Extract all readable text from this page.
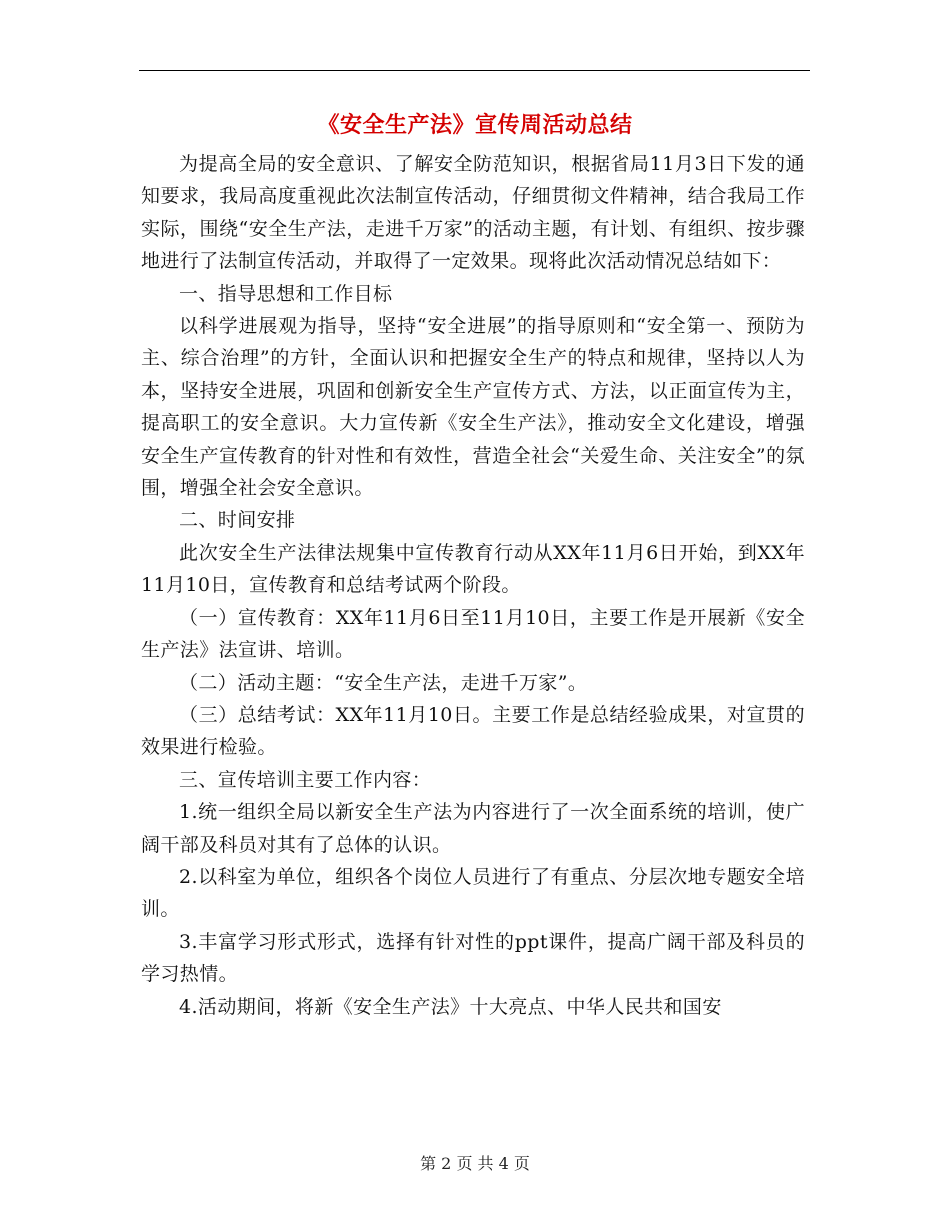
《安全生产法》宣传周活动总结

为提高全局的安全意识、了解安全防范知识，根据省局11月3日下发的通知要求，我局高度重视此次法制宣传活动，仔细贯彻文件精神，结合我局工作实际，围绕“安全生产法，走进千万家”的活动主题，有计划、有组织、按步骤地进行了法制宣传活动，并取得了一定效果。现将此次活动情况总结如下：

一、指导思想和工作目标

以科学进展观为指导，坚持“安全进展”的指导原则和“安全第一、预防为主、综合治理”的方针，全面认识和把握安全生产的特点和规律，坚持以人为本，坚持安全进展，巩固和创新安全生产宣传方式、方法，以正面宣传为主，提高职工的安全意识。大力宣传新《安全生产法》，推动安全文化建设，增强安全生产宣传教育的针对性和有效性，营造全社会“关爱生命、关注安全”的氛围，增强全社会安全意识。

二、时间安排

此次安全生产法律法规集中宣传教育行动从XX年11月6日开始，到XX年11月10日，宣传教育和总结考试两个阶段。

（一）宣传教育：XX年11月6日至11月10日，主要工作是开展新《安全生产法》法宣讲、培训。

（二）活动主题：“安全生产法，走进千万家”。

（三）总结考试：XX年11月10日。主要工作是总结经验成果，对宣贯的效果进行检验。

三、宣传培训主要工作内容：

1.统一组织全局以新安全生产法为内容进行了一次全面系统的培训，使广阔干部及科员对其有了总体的认识。

2.以科室为单位，组织各个岗位人员进行了有重点、分层次地专题安全培训。

3.丰富学习形式形式，选择有针对性的ppt课件，提高广阔干部及科员的学习热情。

4.活动期间，将新《安全生产法》十大亮点、中华人民共和国安

第 2 页 共 4 页
